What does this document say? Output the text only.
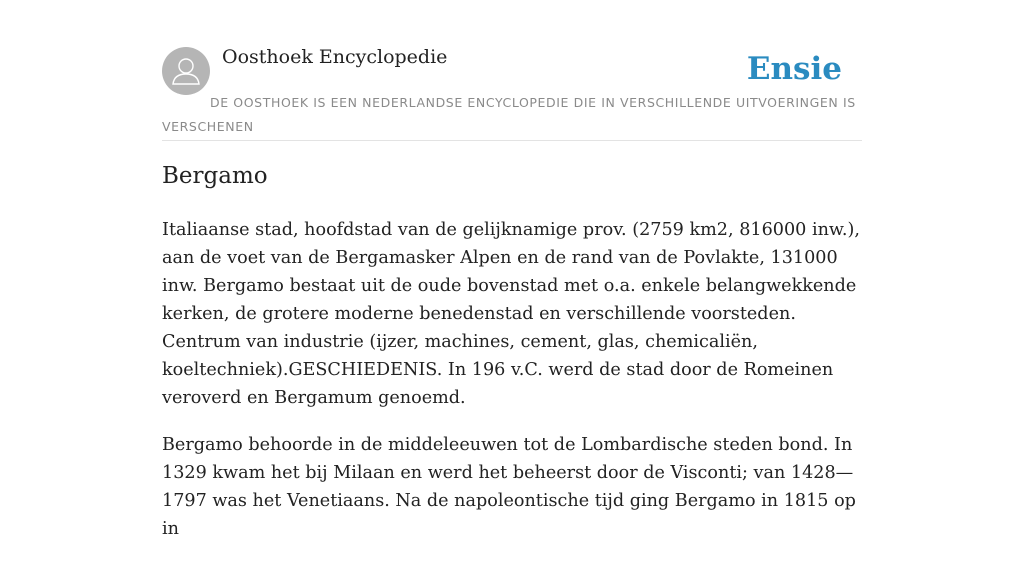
Oosthoek Encyclopedie	Ensie
DE OOSTHOEK IS EEN NEDERLANDSE ENCYCLOPEDIE DIE IN VERSCHILLENDE UITVOERINGEN IS VERSCHENEN
Bergamo

Italiaanse stad, hoofdstad van de gelijknamige prov. (2759 km2, 816000 inw.), aan de voet van de Bergamasker Alpen en de rand van de Povlakte, 131000 inw. Bergamo bestaat uit de oude bovenstad met o.a. enkele belangwekkende kerken, de grotere moderne benedenstad en verschillende voorsteden. Centrum van industrie (ijzer, machines, cement, glas, chemicaliën, koeltechniek).GESCHIEDENIS. In 196 v.C. werd de stad door de Romeinen veroverd en Bergamum genoemd.

Bergamo behoorde in de middeleeuwen tot de Lombardische steden bond. In 1329 kwam het bij Milaan en werd het beheerst door de Visconti; van 1428—1797 was het Venetiaans. Na de napoleontische tijd ging Bergamo in 1815 op in
